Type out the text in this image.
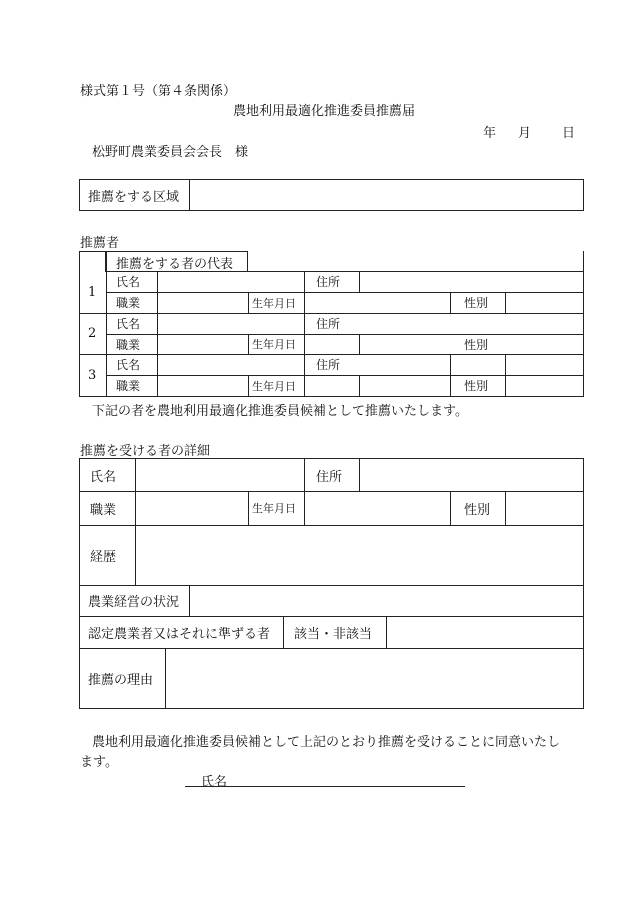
様式第１号（第４条関係）
農地利用最適化推進委員推薦届
年 月 日
松野町農業委員会会長　様
推薦をする区域
推薦者
推薦をする者の代表
1
氏名	住所
職業	生年月日	性別
2
氏名	住所
職業	生年月日	性別
3
氏名	住所
職業	生年月日	性別
下記の者を農地利用最適化推進委員候補として推薦いたします。
推薦を受ける者の詳細
氏名	住所
職業	生年月日	性別
経歴
農業経営の状況
認定農業者又はそれに準ずる者 該当・非該当
推薦の理由
農地利用最適化推進委員候補として上記のとおり推薦を受けることに同意いたし
ます。
氏名
